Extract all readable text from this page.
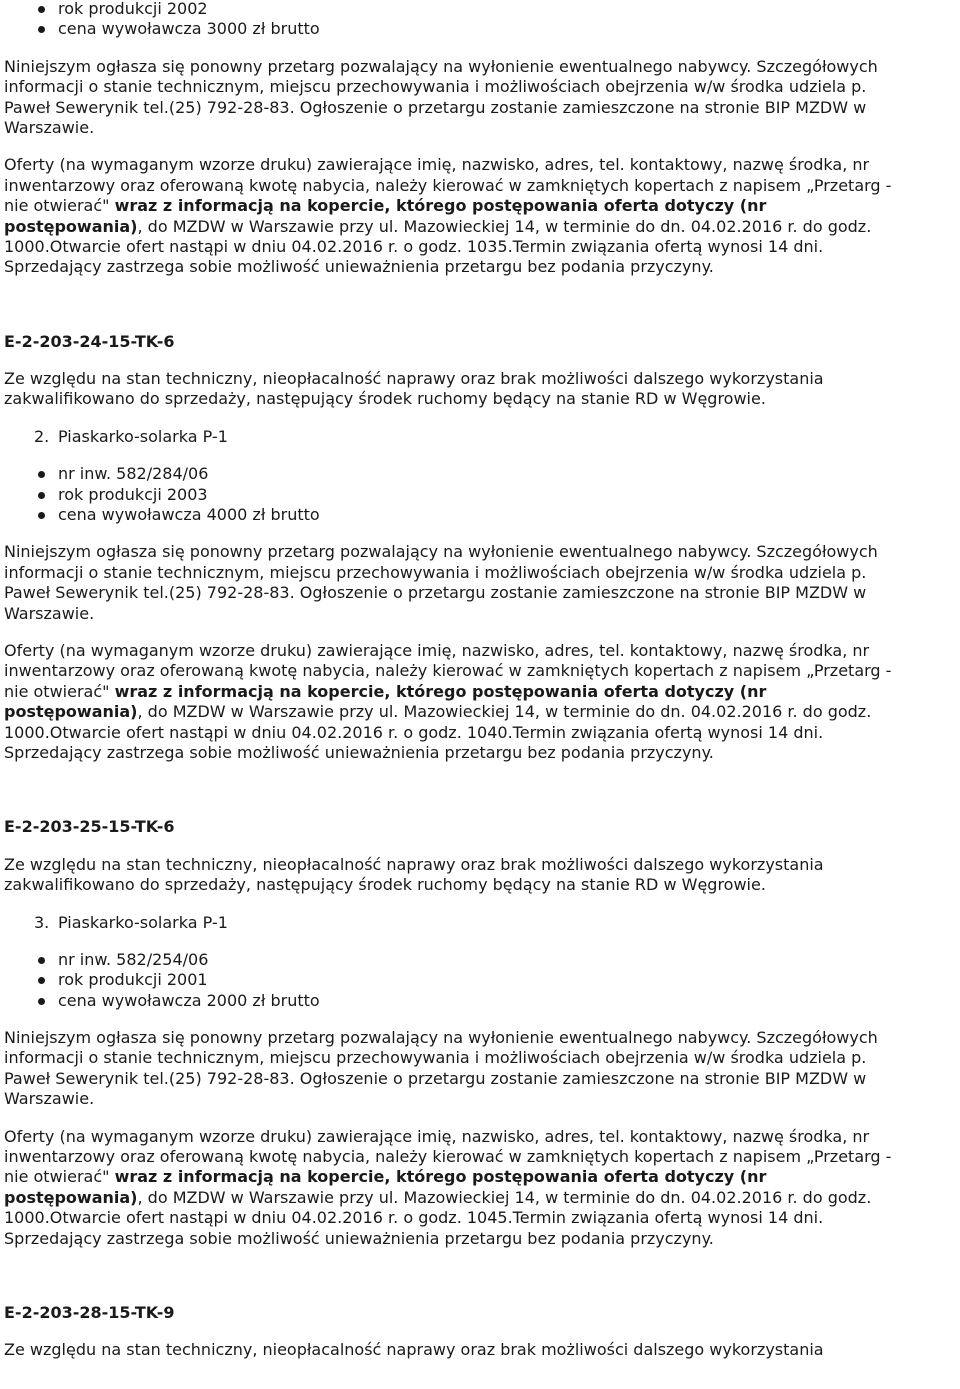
rok produkcji 2002
cena wywoławcza 3000 zł brutto
Niniejszym ogłasza się ponowny przetarg pozwalający na wyłonienie ewentualnego nabywcy. Szczegółowych
informacji o stanie technicznym, miejscu przechowywania i możliwościach obejrzenia w/w środka udziela p.
Paweł Sewerynik tel.(25) 792-28-83. Ogłoszenie o przetargu zostanie zamieszczone na stronie BIP MZDW w
Warszawie.
Oferty (na wymaganym wzorze druku) zawierające imię, nazwisko, adres, tel. kontaktowy, nazwę środka, nr
inwentarzowy oraz oferowaną kwotę nabycia, należy kierować w zamkniętych kopertach z napisem „Przetarg -
nie otwierać" wraz z informacją na kopercie, którego postępowania oferta dotyczy (nr
postępowania), do MZDW w Warszawie przy ul. Mazowieckiej 14, w terminie do dn. 04.02.2016 r. do godz.
1000.Otwarcie ofert nastąpi w dniu 04.02.2016 r. o godz. 1035.Termin związania ofertą wynosi 14 dni.
Sprzedający zastrzega sobie możliwość unieważnienia przetargu bez podania przyczyny.
E-2-203-24-15-TK-6
Ze względu na stan techniczny, nieopłacalność naprawy oraz brak możliwości dalszego wykorzystania
zakwalifikowano do sprzedaży, następujący środek ruchomy będący na stanie RD w Węgrowie.
2. Piaskarko-solarka P-1
nr inw. 582/284/06
rok produkcji 2003
cena wywoławcza 4000 zł brutto
Niniejszym ogłasza się ponowny przetarg pozwalający na wyłonienie ewentualnego nabywcy. Szczegółowych
informacji o stanie technicznym, miejscu przechowywania i możliwościach obejrzenia w/w środka udziela p.
Paweł Sewerynik tel.(25) 792-28-83. Ogłoszenie o przetargu zostanie zamieszczone na stronie BIP MZDW w
Warszawie.
Oferty (na wymaganym wzorze druku) zawierające imię, nazwisko, adres, tel. kontaktowy, nazwę środka, nr
inwentarzowy oraz oferowaną kwotę nabycia, należy kierować w zamkniętych kopertach z napisem „Przetarg -
nie otwierać" wraz z informacją na kopercie, którego postępowania oferta dotyczy (nr
postępowania), do MZDW w Warszawie przy ul. Mazowieckiej 14, w terminie do dn. 04.02.2016 r. do godz.
1000.Otwarcie ofert nastąpi w dniu 04.02.2016 r. o godz. 1040.Termin związania ofertą wynosi 14 dni.
Sprzedający zastrzega sobie możliwość unieważnienia przetargu bez podania przyczyny.
E-2-203-25-15-TK-6
Ze względu na stan techniczny, nieopłacalność naprawy oraz brak możliwości dalszego wykorzystania
zakwalifikowano do sprzedaży, następujący środek ruchomy będący na stanie RD w Węgrowie.
3. Piaskarko-solarka P-1
nr inw. 582/254/06
rok produkcji 2001
cena wywoławcza 2000 zł brutto
Niniejszym ogłasza się ponowny przetarg pozwalający na wyłonienie ewentualnego nabywcy. Szczegółowych
informacji o stanie technicznym, miejscu przechowywania i możliwościach obejrzenia w/w środka udziela p.
Paweł Sewerynik tel.(25) 792-28-83. Ogłoszenie o przetargu zostanie zamieszczone na stronie BIP MZDW w
Warszawie.
Oferty (na wymaganym wzorze druku) zawierające imię, nazwisko, adres, tel. kontaktowy, nazwę środka, nr
inwentarzowy oraz oferowaną kwotę nabycia, należy kierować w zamkniętych kopertach z napisem „Przetarg -
nie otwierać" wraz z informacją na kopercie, którego postępowania oferta dotyczy (nr
postępowania), do MZDW w Warszawie przy ul. Mazowieckiej 14, w terminie do dn. 04.02.2016 r. do godz.
1000.Otwarcie ofert nastąpi w dniu 04.02.2016 r. o godz. 1045.Termin związania ofertą wynosi 14 dni.
Sprzedający zastrzega sobie możliwość unieważnienia przetargu bez podania przyczyny.
E-2-203-28-15-TK-9
Ze względu na stan techniczny, nieopłacalność naprawy oraz brak możliwości dalszego wykorzystania
